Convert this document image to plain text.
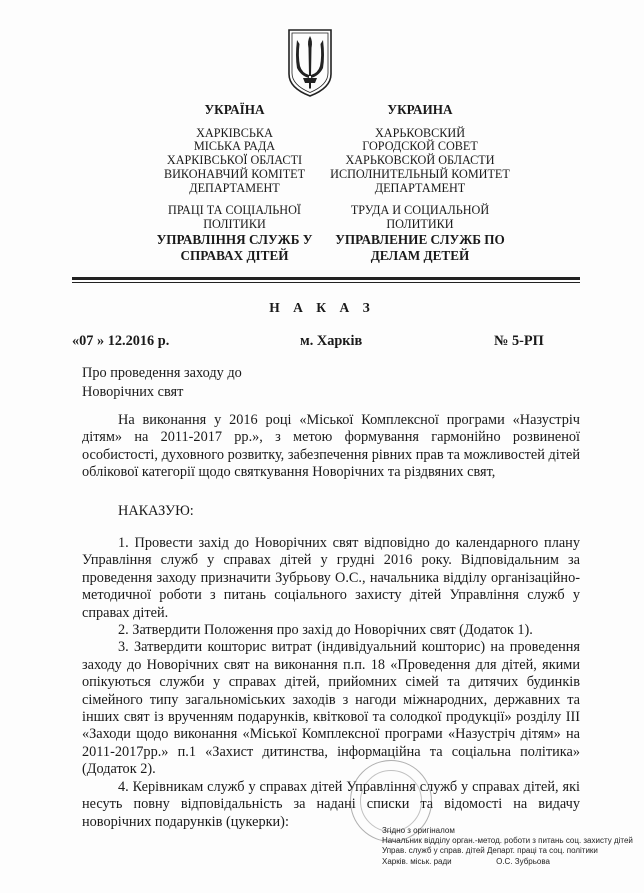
УКРАЇНА

ХАРКІВСЬКА

МІСЬКА РАДА

ХАРКІВСЬКОЇ ОБЛАСТІ

ВИКОНАВЧИЙ КОМІТЕТ

ДЕПАРТАМЕНТ

ПРАЦІ ТА СОЦІАЛЬНОЇ

ПОЛІТИКИ

УПРАВЛІННЯ СЛУЖБ У

СПРАВАХ ДІТЕЙ

УКРАИНА

ХАРЬКОВСКИЙ

ГОРОДСКОЙ СОВЕТ

ХАРЬКОВСКОЙ ОБЛАСТИ

ИСПОЛНИТЕЛЬНЫЙ КОМИТЕТ

ДЕПАРТАМЕНТ

ТРУДА И СОЦИАЛЬНОЙ

ПОЛИТИКИ

УПРАВЛЕНИЕ СЛУЖБ ПО

ДЕЛАМ ДЕТЕЙ

Н А К А З
«07 » 12.2016 р.	м. Харків	№ 5-РП
Про проведення заходу до
Новорічних свят

На виконання у 2016 році «Міської Комплексної програми «Назустріч дітям» на 2011-2017 рр.», з метою формування гармонійно розвиненої особистості, духовного розвитку, забезпечення рівних прав та можливостей дітей облікової категорії щодо святкування Новорічних та різдвяних свят,

НАКАЗУЮ:

1. Провести захід до Новорічних свят відповідно до календарного плану Управління служб у справах дітей у грудні 2016 року. Відповідальним за проведення заходу призначити Зубрьову О.С., начальника відділу організаційно-методичної роботи з питань соціального захисту дітей Управління служб у справах дітей.

2. Затвердити Положення про захід до Новорічних свят (Додаток 1).

3. Затвердити кошторис витрат (індивідуальний кошторис) на проведення заходу до Новорічних свят на виконання п.п. 18 «Проведення для дітей, якими опікуються служби у справах дітей, прийомних сімей та дитячих будинків сімейного типу загальноміських заходів з нагоди міжнародних, державних та інших свят із врученням подарунків, квіткової та солодкої продукції» розділу ІІІ «Заходи щодо виконання «Міської Комплексної програми «Назустріч дітям» на 2011-2017рр.» п.1 «Захист дитинства, інформаційна та соціальна політика» (Додаток 2).

4. Керівникам служб у справах дітей Управління служб у справах дітей, які несуть повну відповідальність за надані списки та відомості на видачу новорічних подарунків (цукерки):

Згідно з оригіналом
Начальник відділу орган.-метод. роботи з питань соц. захисту дітей
Управ. служб у справ. дітей Департ. праці та соц. політики
Харків. міськ. ради	О.С. Зубрьова
